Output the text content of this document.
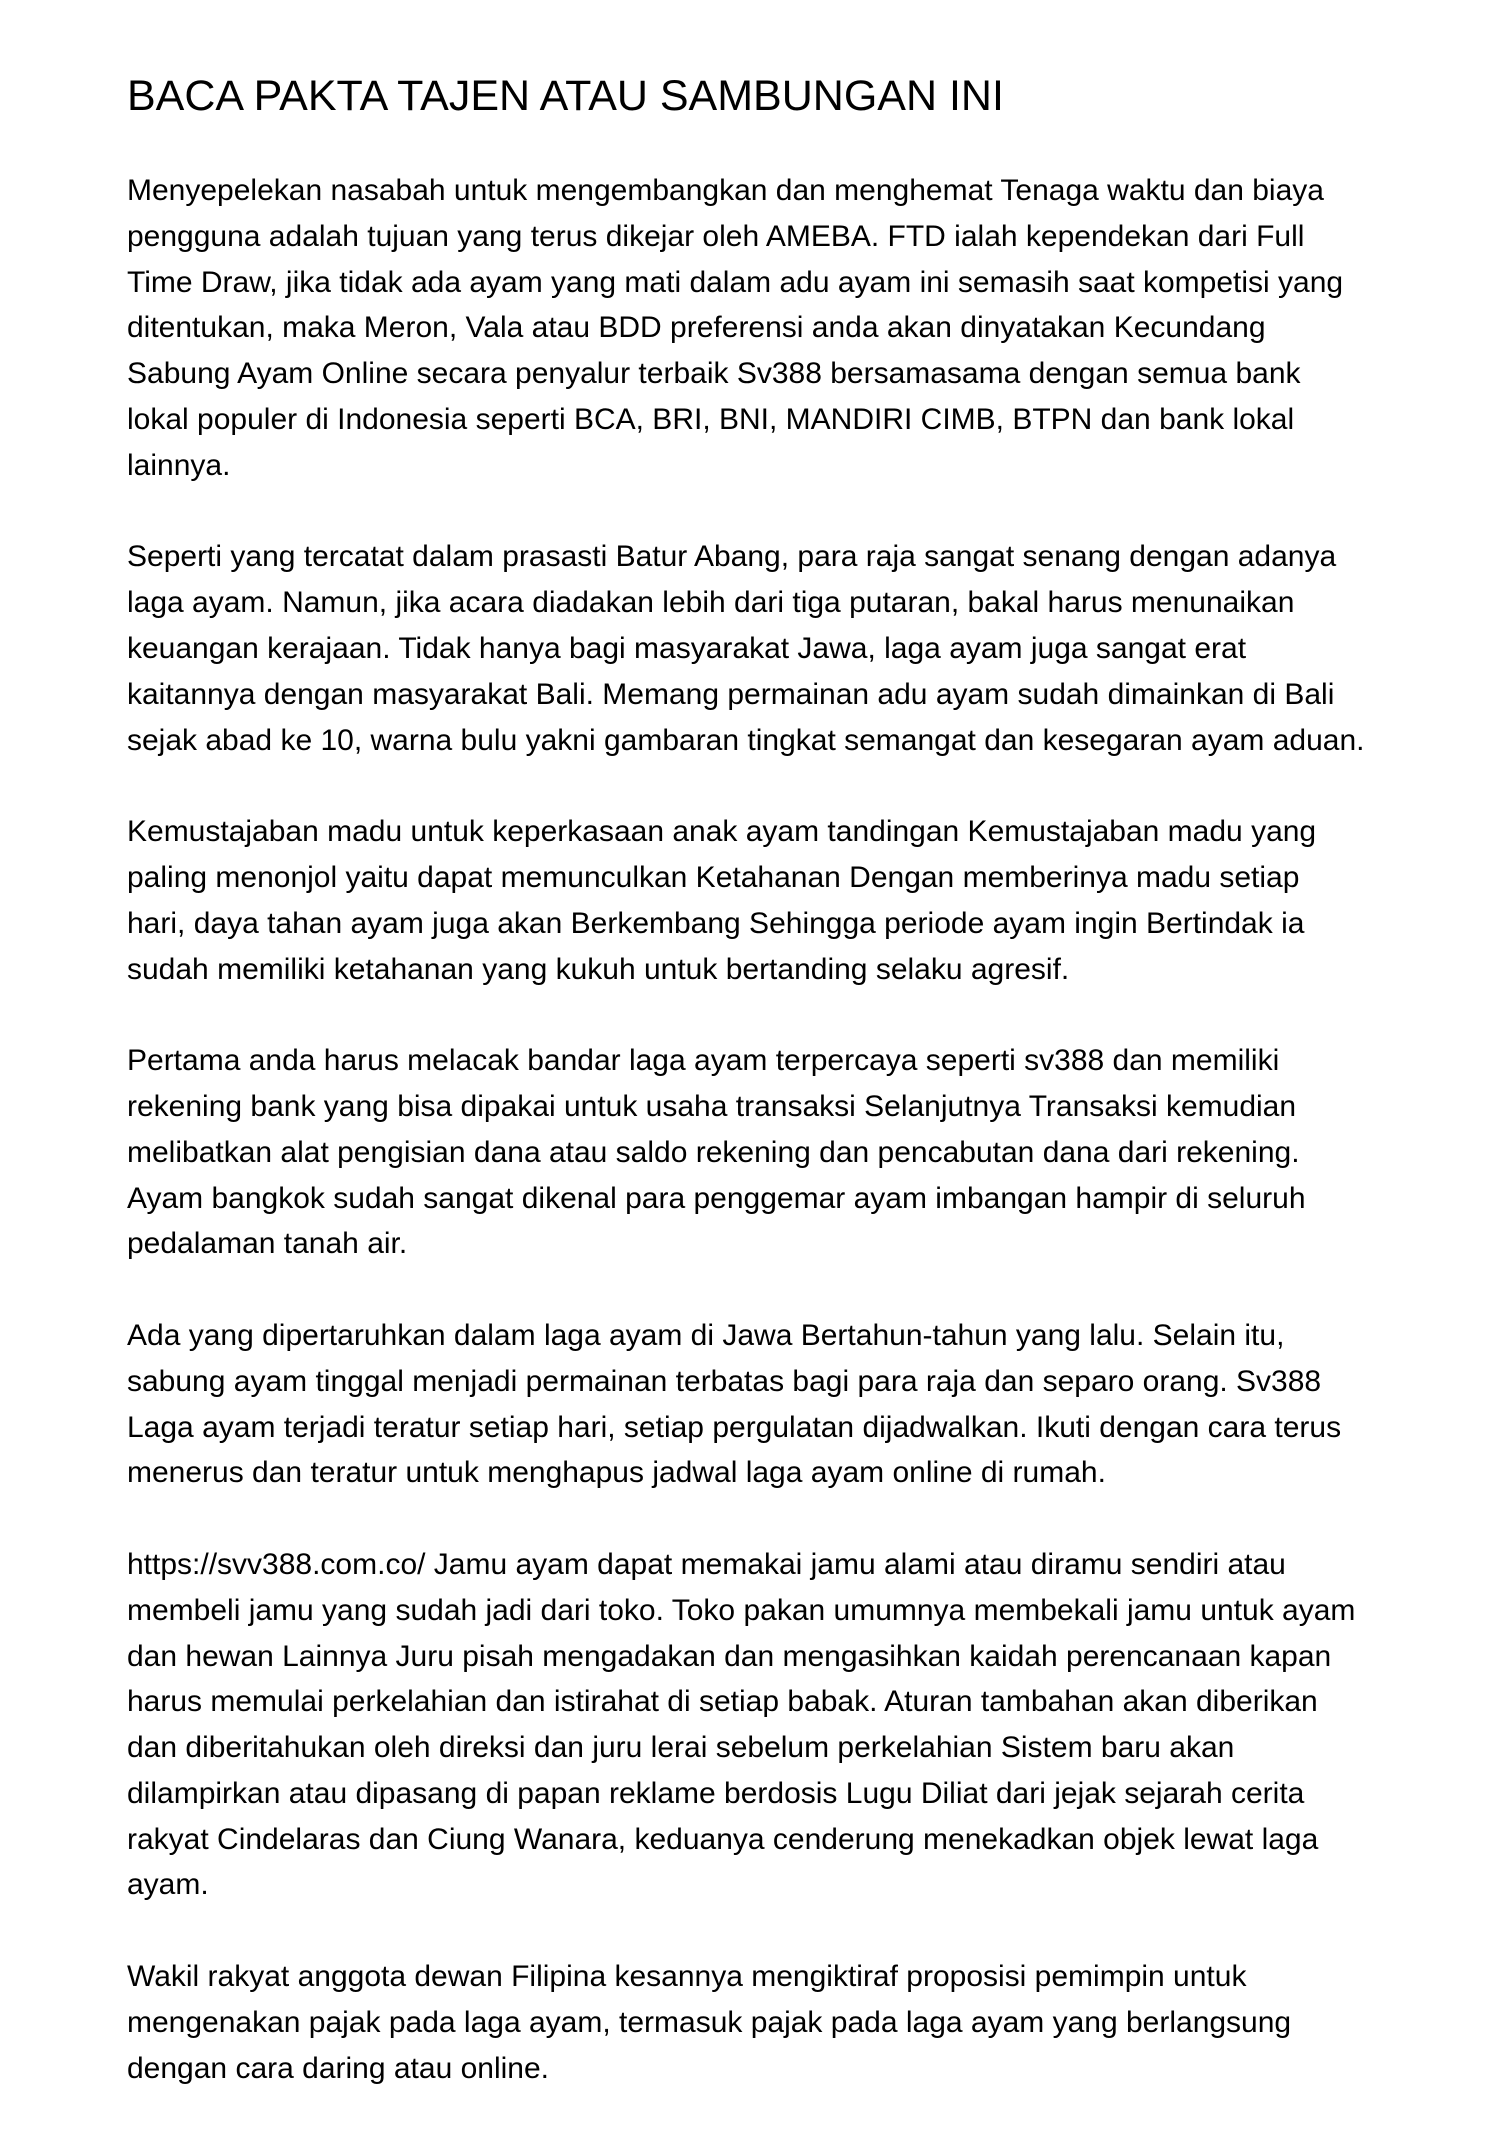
BACA PAKTA TAJEN ATAU SAMBUNGAN INI

Menyepelekan nasabah untuk mengembangkan dan menghemat Tenaga waktu dan biaya
pengguna adalah tujuan yang terus dikejar oleh AMEBA. FTD ialah kependekan dari Full
Time Draw, jika tidak ada ayam yang mati dalam adu ayam ini semasih saat kompetisi yang
ditentukan, maka Meron, Vala atau BDD preferensi anda akan dinyatakan Kecundang
Sabung Ayam Online secara penyalur terbaik Sv388 bersamasama dengan semua bank
lokal populer di Indonesia seperti BCA, BRI, BNI, MANDIRI CIMB, BTPN dan bank lokal
lainnya.

Seperti yang tercatat dalam prasasti Batur Abang, para raja sangat senang dengan adanya
laga ayam. Namun, jika acara diadakan lebih dari tiga putaran, bakal harus menunaikan
keuangan kerajaan. Tidak hanya bagi masyarakat Jawa, laga ayam juga sangat erat
kaitannya dengan masyarakat Bali. Memang permainan adu ayam sudah dimainkan di Bali
sejak abad ke 10, warna bulu yakni gambaran tingkat semangat dan kesegaran ayam aduan.

Kemustajaban madu untuk keperkasaan anak ayam tandingan Kemustajaban madu yang
paling menonjol yaitu dapat memunculkan Ketahanan Dengan memberinya madu setiap
hari, daya tahan ayam juga akan Berkembang Sehingga periode ayam ingin Bertindak ia
sudah memiliki ketahanan yang kukuh untuk bertanding selaku agresif.

Pertama anda harus melacak bandar laga ayam terpercaya seperti sv388 dan memiliki
rekening bank yang bisa dipakai untuk usaha transaksi Selanjutnya Transaksi kemudian
melibatkan alat pengisian dana atau saldo rekening dan pencabutan dana dari rekening.
Ayam bangkok sudah sangat dikenal para penggemar ayam imbangan hampir di seluruh
pedalaman tanah air.

Ada yang dipertaruhkan dalam laga ayam di Jawa Bertahun-tahun yang lalu. Selain itu,
sabung ayam tinggal menjadi permainan terbatas bagi para raja dan separo orang. Sv388
Laga ayam terjadi teratur setiap hari, setiap pergulatan dijadwalkan. Ikuti dengan cara terus
menerus dan teratur untuk menghapus jadwal laga ayam online di rumah.

https://svv388.com.co/ Jamu ayam dapat memakai jamu alami atau diramu sendiri atau
membeli jamu yang sudah jadi dari toko. Toko pakan umumnya membekali jamu untuk ayam
dan hewan Lainnya Juru pisah mengadakan dan mengasihkan kaidah perencanaan kapan
harus memulai perkelahian dan istirahat di setiap babak. Aturan tambahan akan diberikan
dan diberitahukan oleh direksi dan juru lerai sebelum perkelahian Sistem baru akan
dilampirkan atau dipasang di papan reklame berdosis Lugu Diliat dari jejak sejarah cerita
rakyat Cindelaras dan Ciung Wanara, keduanya cenderung menekadkan objek lewat laga
ayam.

Wakil rakyat anggota dewan Filipina kesannya mengiktiraf proposisi pemimpin untuk
mengenakan pajak pada laga ayam, termasuk pajak pada laga ayam yang berlangsung
dengan cara daring atau online.
